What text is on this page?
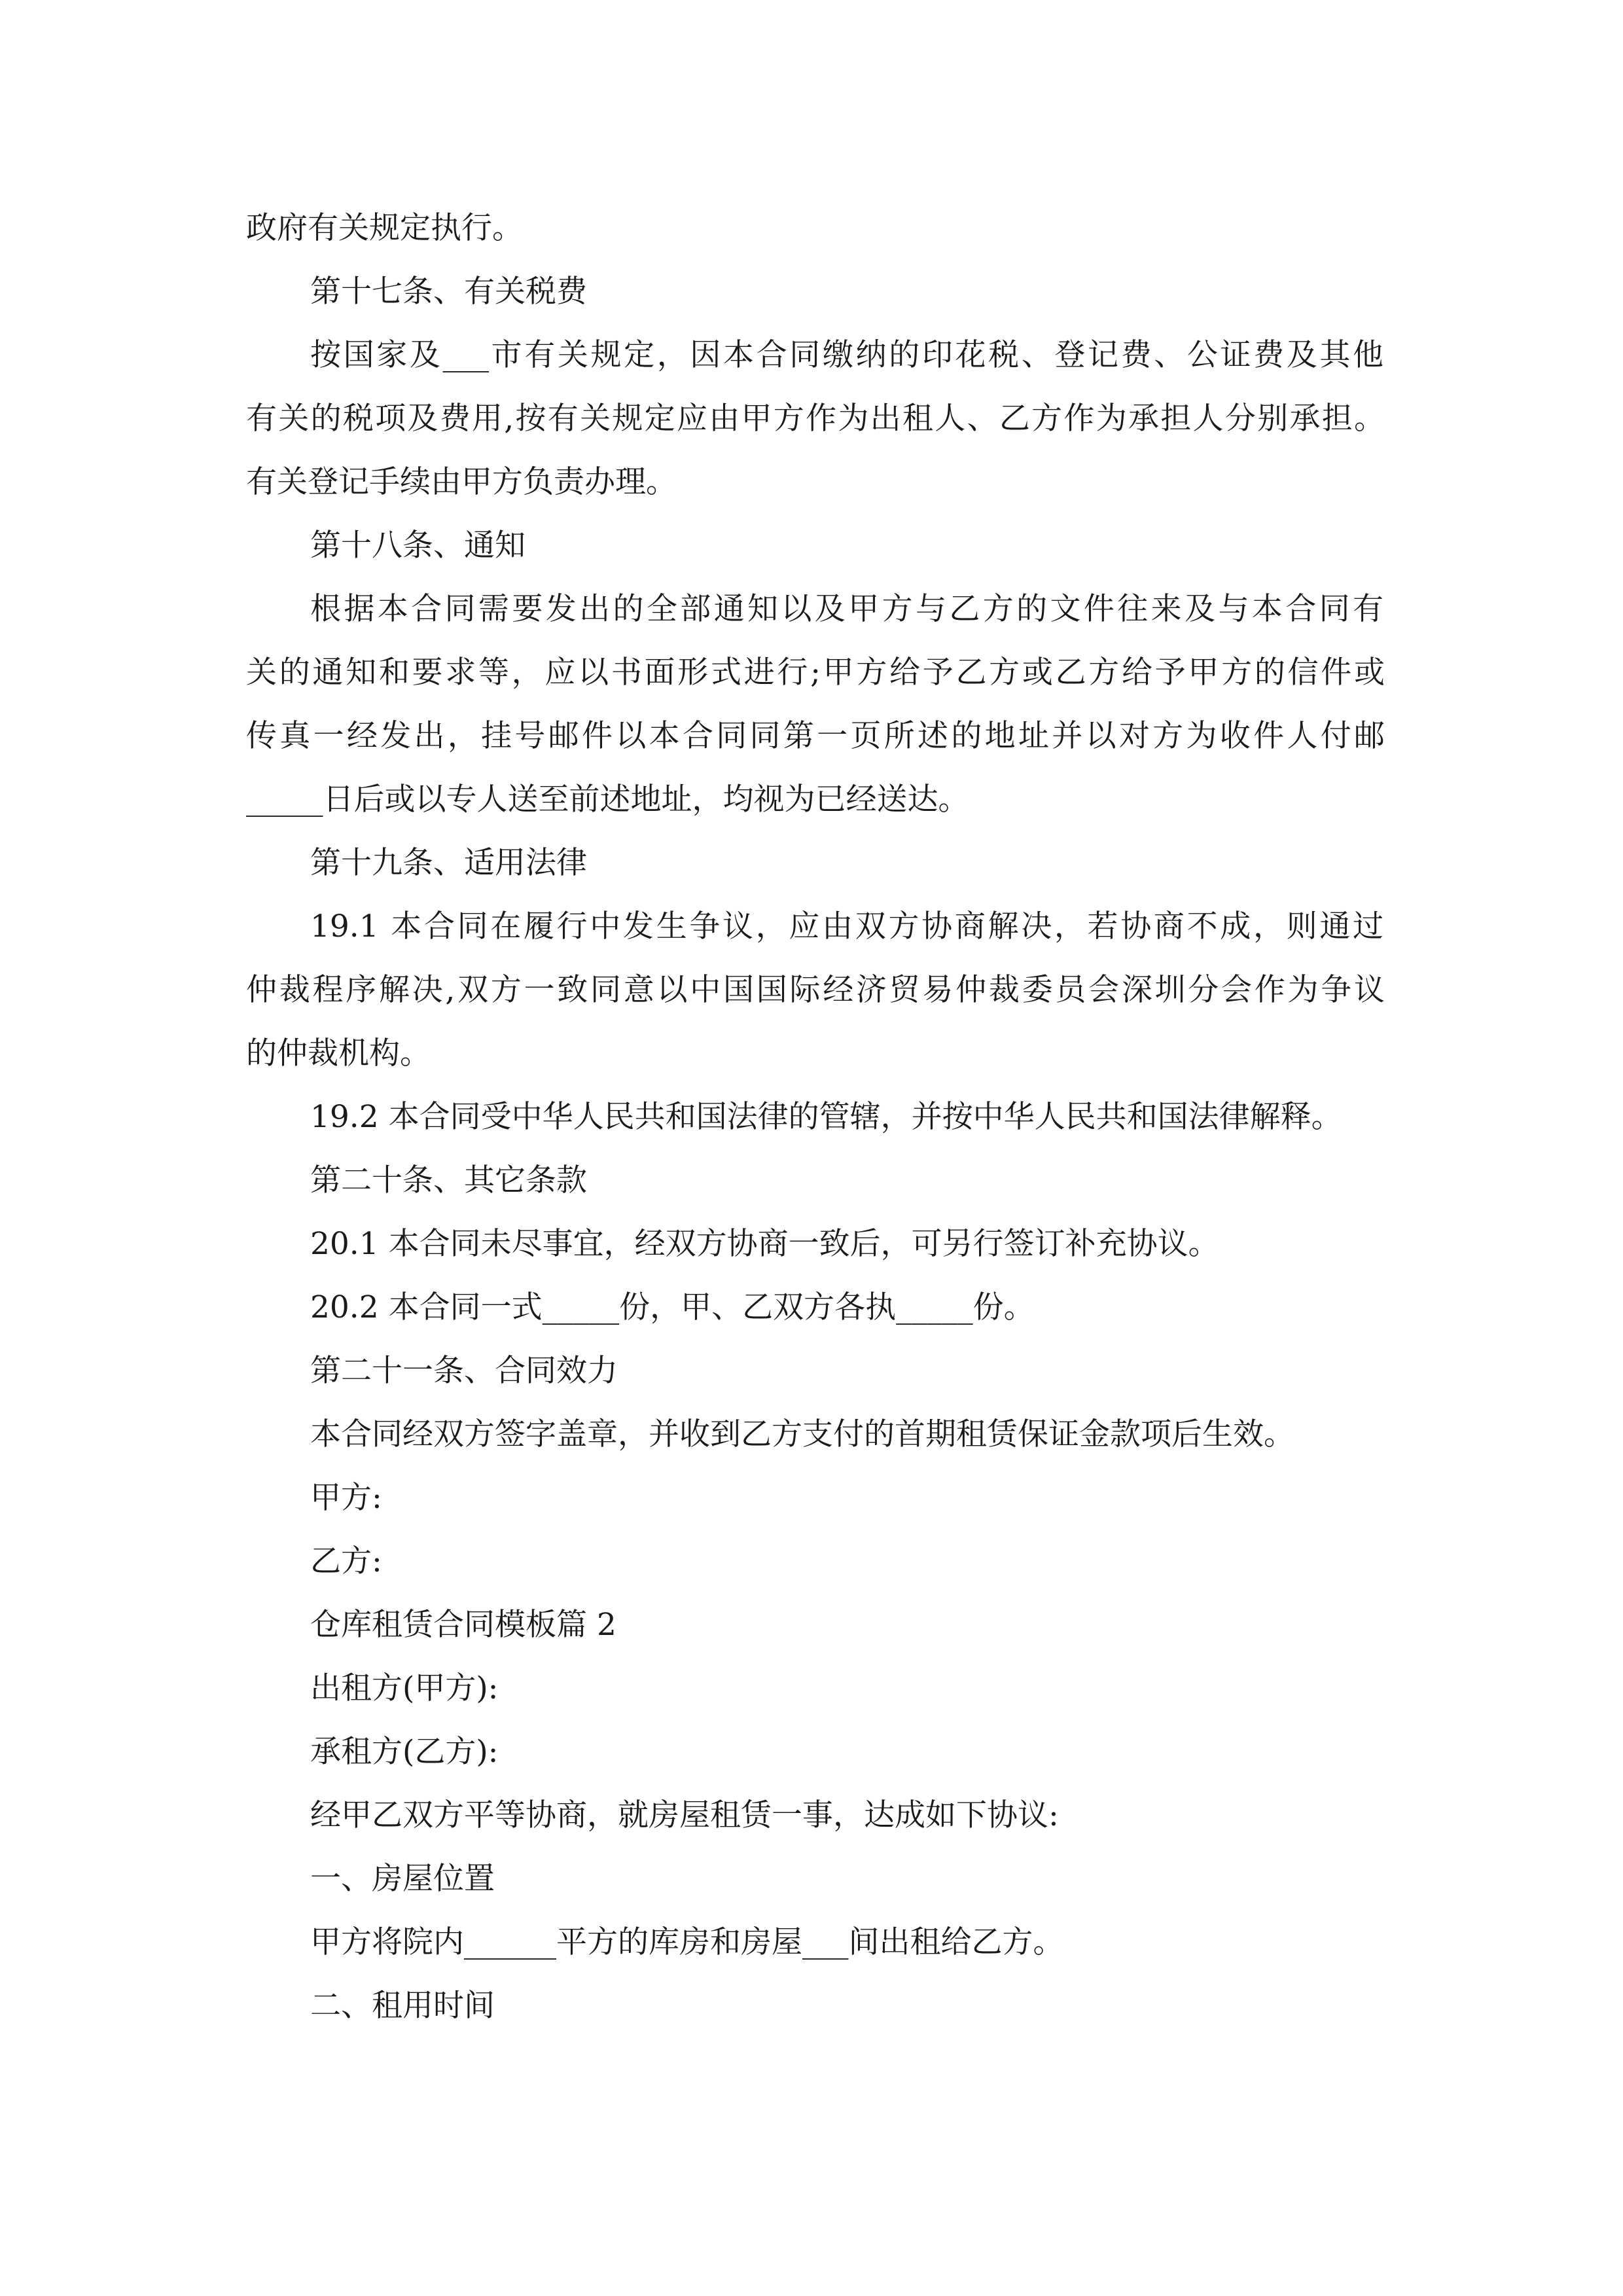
政府有关规定执行。
第十七条、有关税费
按国家及___市有关规定，因本合同缴纳的印花税、登记费、公证费及其他
有关的税项及费用,按有关规定应由甲方作为出租人、乙方作为承担人分别承担。
有关登记手续由甲方负责办理。
第十八条、通知
根据本合同需要发出的全部通知以及甲方与乙方的文件往来及与本合同有
关的通知和要求等，应以书面形式进行;甲方给予乙方或乙方给予甲方的信件或
传真一经发出，挂号邮件以本合同同第一页所述的地址并以对方为收件人付邮
_____日后或以专人送至前述地址，均视为已经送达。
第十九条、适用法律
19.1 本合同在履行中发生争议，应由双方协商解决，若协商不成，则通过
仲裁程序解决,双方一致同意以中国国际经济贸易仲裁委员会深圳分会作为争议
的仲裁机构。
19.2 本合同受中华人民共和国法律的管辖，并按中华人民共和国法律解释。
第二十条、其它条款
20.1 本合同未尽事宜，经双方协商一致后，可另行签订补充协议。
20.2 本合同一式_____份，甲、乙双方各执_____份。
第二十一条、合同效力
本合同经双方签字盖章，并收到乙方支付的首期租赁保证金款项后生效。
甲方:
乙方:
仓库租赁合同模板篇 2
出租方(甲方):
承租方(乙方):
经甲乙双方平等协商，就房屋租赁一事，达成如下协议:
一、房屋位置
甲方将院内______平方的库房和房屋___间出租给乙方。
二、租用时间
